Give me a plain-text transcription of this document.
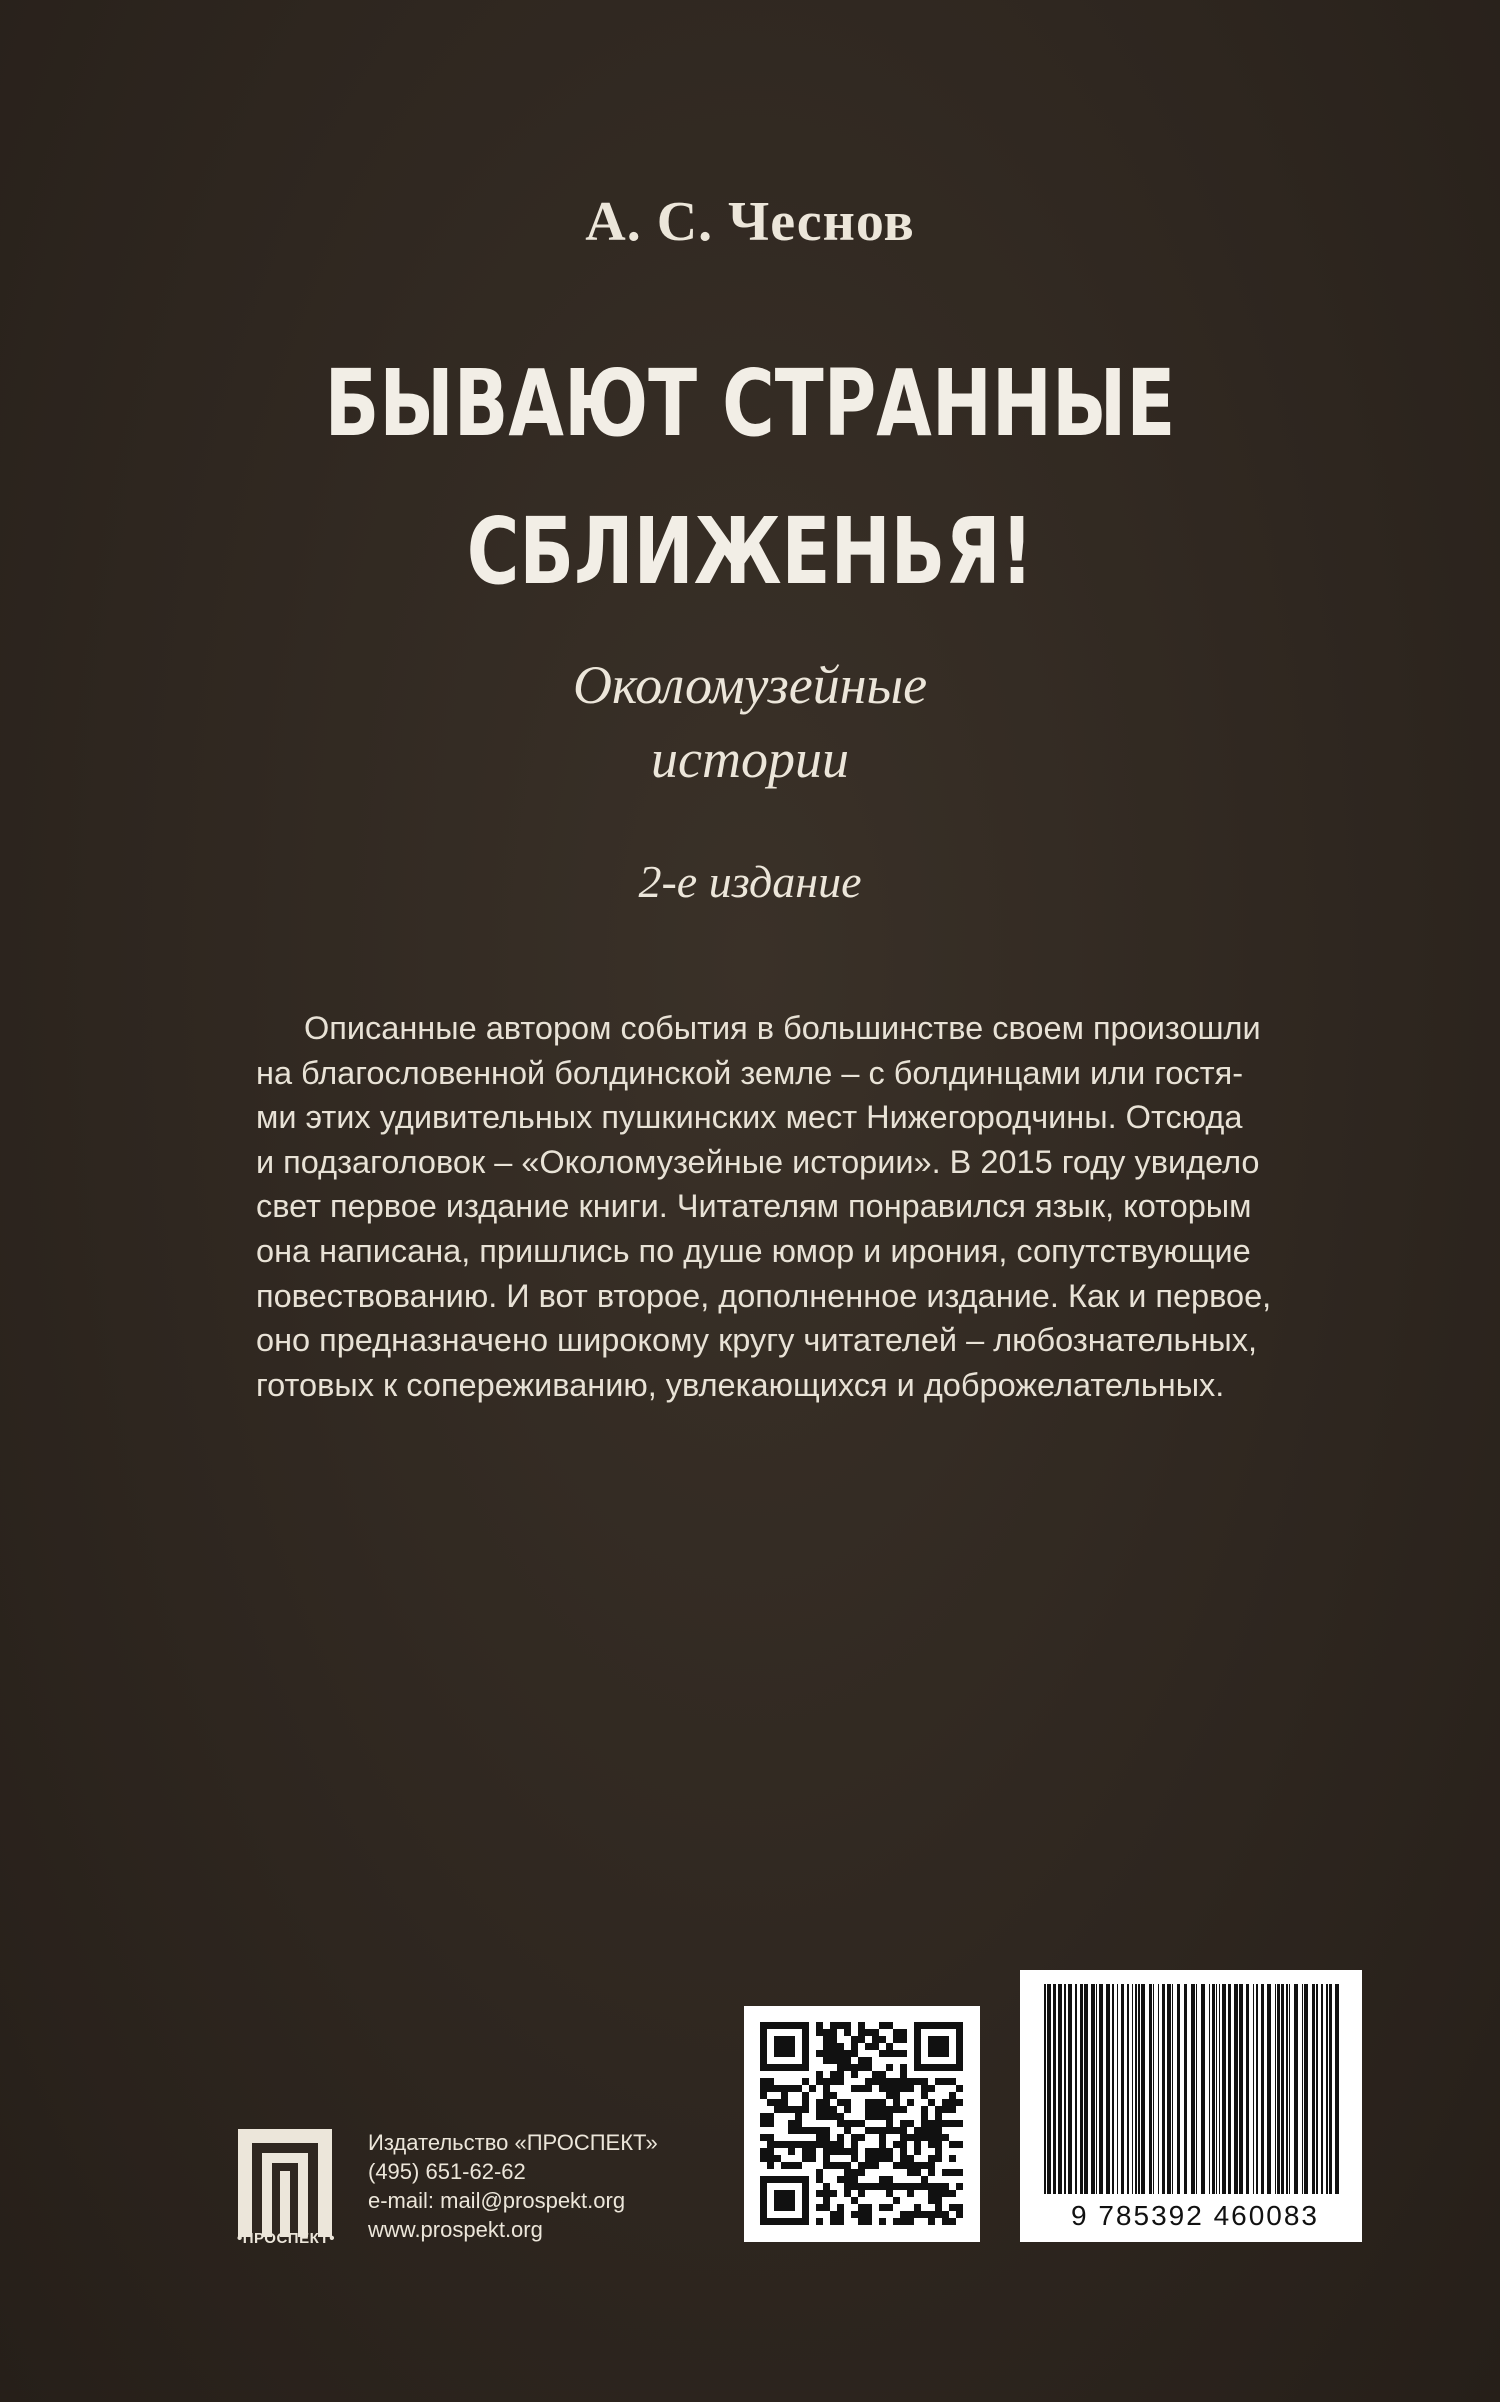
А. С. Чеснов
БЫВАЮТ СТРАННЫЕ
СБЛИЖЕНЬЯ!
Околомузейные
истории
2-е издание
Описанные автором события в большинстве своем произошли
на благословенной болдинской земле – с болдинцами или гостя-
ми этих удивительных пушкинских мест Нижегородчины. Отсюда
и подзаголовок – «Околомузейные истории». В 2015 году увидело
свет первое издание книги. Читателям понравился язык, которым
она написана, пришлись по душе юмор и ирония, сопутствующие
повествованию. И вот второе, дополненное издание. Как и первое,
оно предназначено широкому кругу читателей – любознательных,
готовых к сопереживанию, увлекающихся и доброжелательных.
•ПРОСПЕКТ•
Издательство «ПРОСПЕКТ»
(495) 651-62-62
e-mail: mail@prospekt.org
www.prospekt.org	9 785392 460083
